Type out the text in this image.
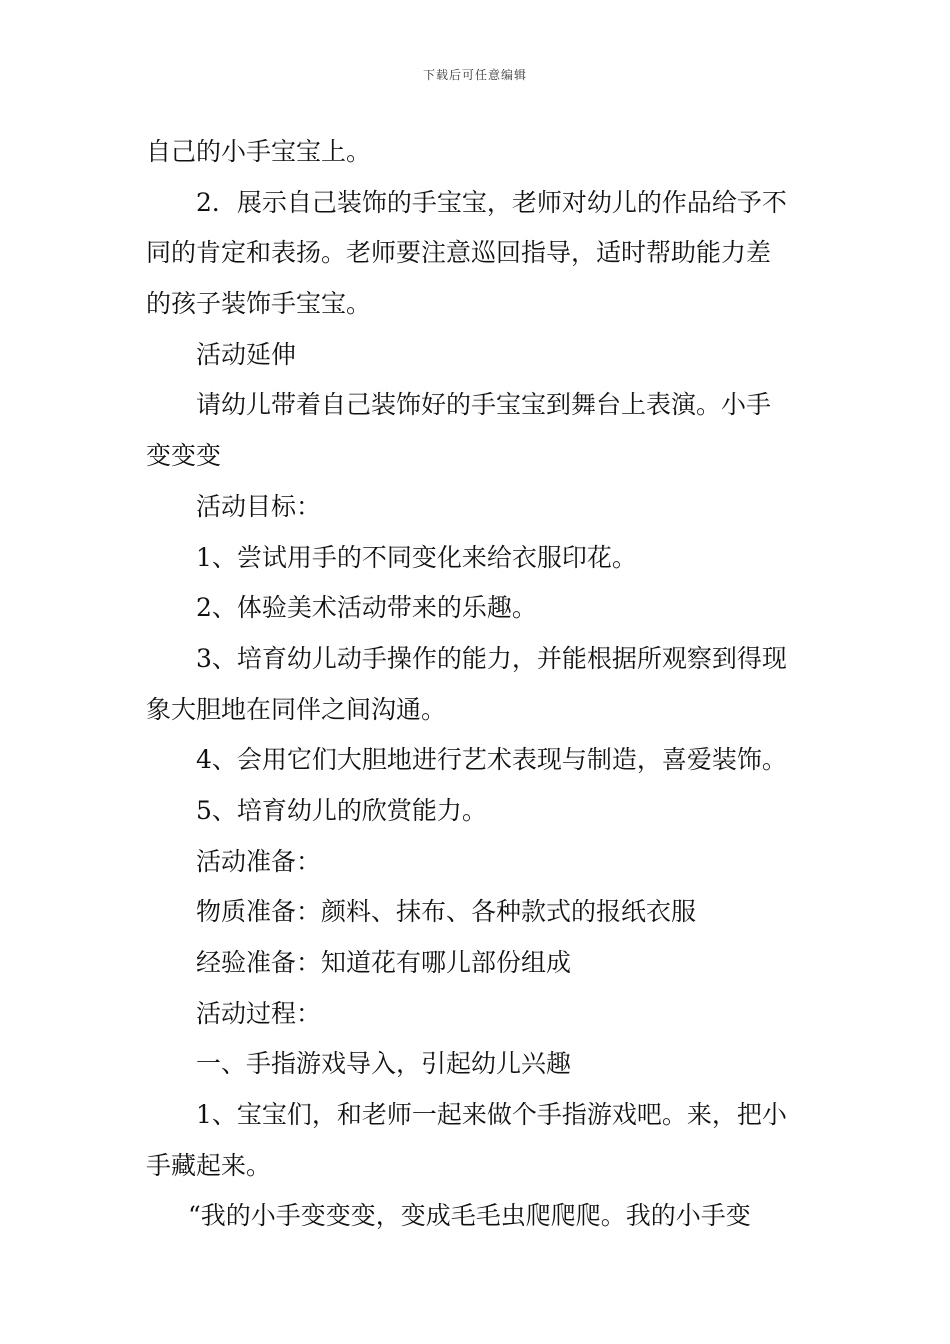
下载后可任意编辑
自己的小手宝宝上。
2．展示自己装饰的手宝宝，老师对幼儿的作品给予不
同的肯定和表扬。老师要注意巡回指导，适时帮助能力差
的孩子装饰手宝宝。
活动延伸
请幼儿带着自己装饰好的手宝宝到舞台上表演。小手
变变变
活动目标：
1、尝试用手的不同变化来给衣服印花。
2、体验美术活动带来的乐趣。
3、培育幼儿动手操作的能力，并能根据所观察到得现
象大胆地在同伴之间沟通。
4、会用它们大胆地进行艺术表现与制造，喜爱装饰。
5、培育幼儿的欣赏能力。
活动准备：
物质准备：颜料、抹布、各种款式的报纸衣服
经验准备：知道花有哪儿部份组成
活动过程：
一、手指游戏导入，引起幼儿兴趣
1、宝宝们，和老师一起来做个手指游戏吧。来，把小
手藏起来。
“我的小手变变变，变成毛毛虫爬爬爬。我的小手变
